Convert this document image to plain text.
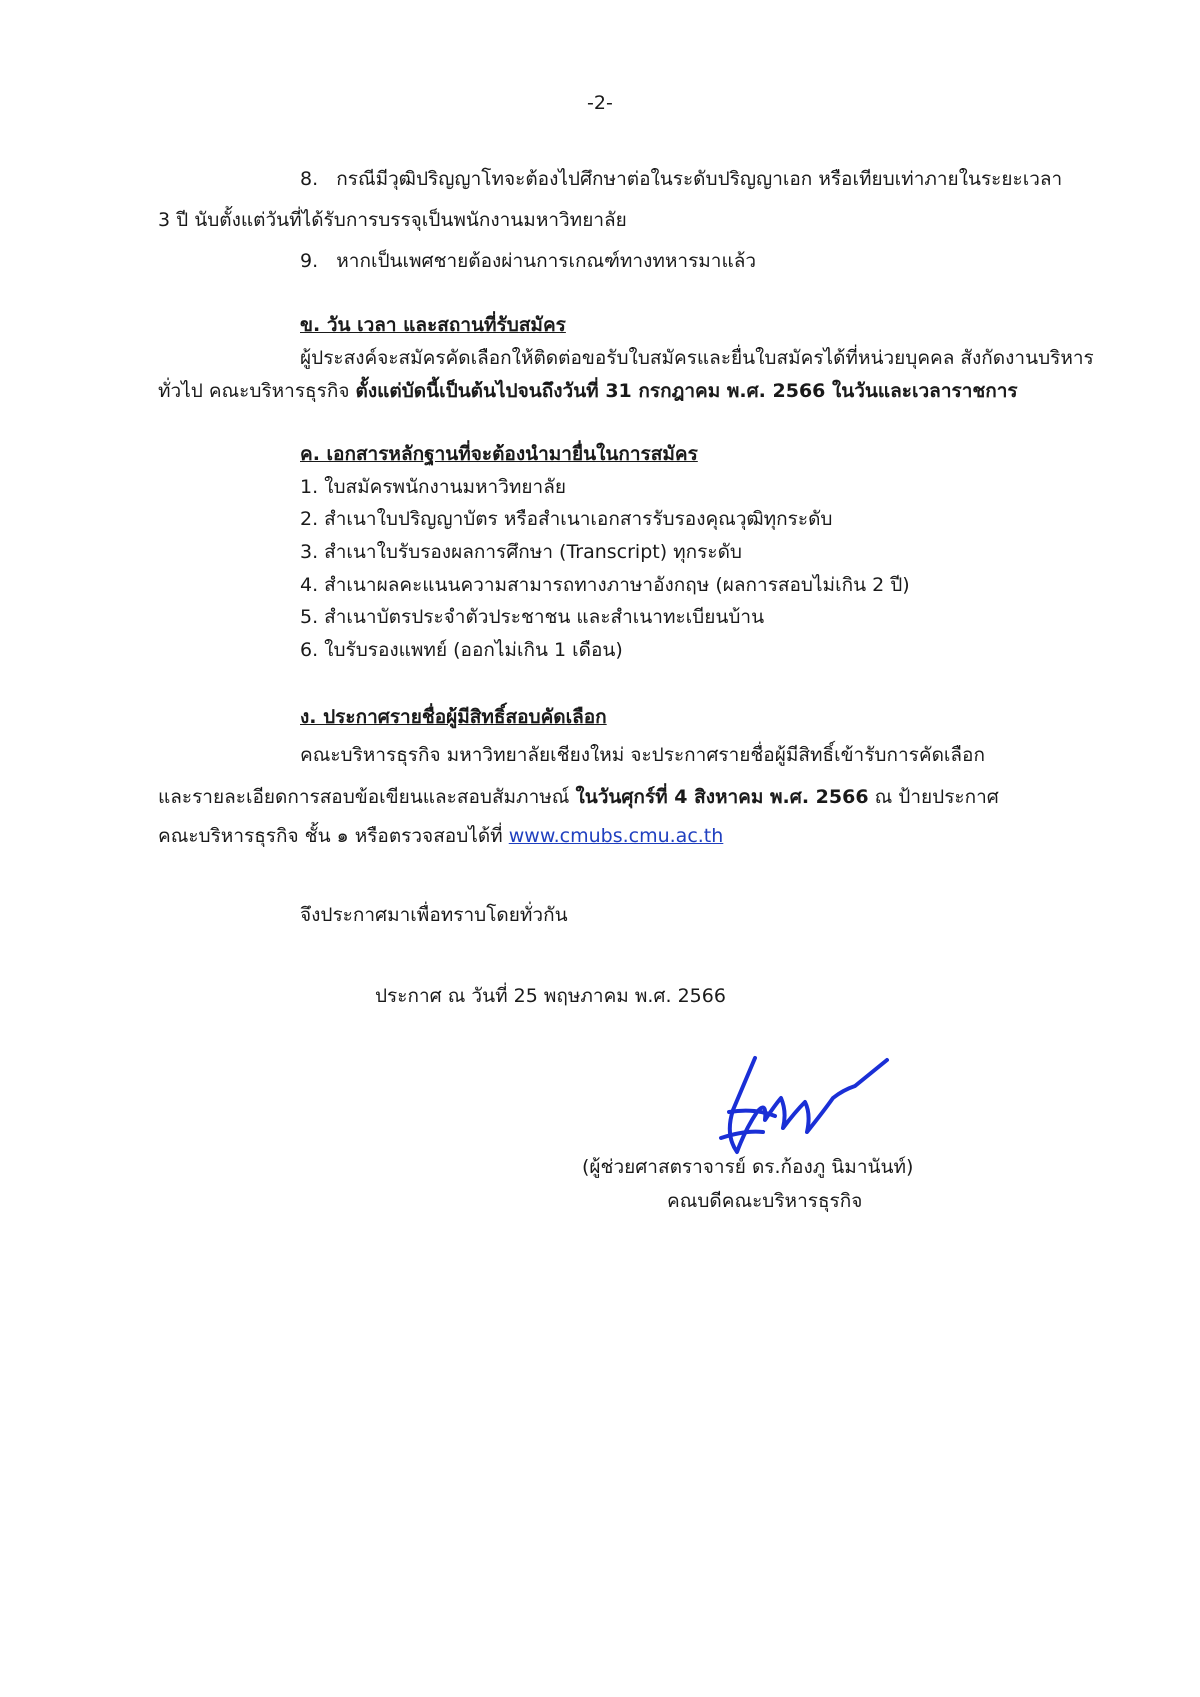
-2-
8. กรณีมีวุฒิปริญญาโทจะต้องไปศึกษาต่อในระดับปริญญาเอก หรือเทียบเท่าภายในระยะเวลา
3 ปี นับตั้งแต่วันที่ได้รับการบรรจุเป็นพนักงานมหาวิทยาลัย
9. หากเป็นเพศชายต้องผ่านการเกณฑ์ทางทหารมาแล้ว
ข. วัน เวลา และสถานที่รับสมัคร
ผู้ประสงค์จะสมัครคัดเลือกให้ติดต่อขอรับใบสมัครและยื่นใบสมัครได้ที่หน่วยบุคคล สังกัดงานบริหาร
ทั่วไป คณะบริหารธุรกิจ ตั้งแต่บัดนี้เป็นต้นไปจนถึงวันที่ 31 กรกฎาคม พ.ศ. 2566 ในวันและเวลาราชการ
ค. เอกสารหลักฐานที่จะต้องนำมายื่นในการสมัคร
1. ใบสมัครพนักงานมหาวิทยาลัย
2. สำเนาใบปริญญาบัตร หรือสำเนาเอกสารรับรองคุณวุฒิทุกระดับ
3. สำเนาใบรับรองผลการศึกษา (Transcript) ทุกระดับ
4. สำเนาผลคะแนนความสามารถทางภาษาอังกฤษ (ผลการสอบไม่เกิน 2 ปี)
5. สำเนาบัตรประจำตัวประชาชน และสำเนาทะเบียนบ้าน
6. ใบรับรองแพทย์ (ออกไม่เกิน 1 เดือน)
ง. ประกาศรายชื่อผู้มีสิทธิ์สอบคัดเลือก
คณะบริหารธุรกิจ มหาวิทยาลัยเชียงใหม่ จะประกาศรายชื่อผู้มีสิทธิ์เข้ารับการคัดเลือก
และรายละเอียดการสอบข้อเขียนและสอบสัมภาษณ์ ในวันศุกร์ที่ 4 สิงหาคม พ.ศ. 2566 ณ ป้ายประกาศ
คณะบริหารธุรกิจ ชั้น ๑ หรือตรวจสอบได้ที่ www.cmubs.cmu.ac.th
จึงประกาศมาเพื่อทราบโดยทั่วกัน
ประกาศ ณ วันที่ 25 พฤษภาคม พ.ศ. 2566
(ผู้ช่วยศาสตราจารย์ ดร.ก้องภู นิมานันท์)
คณบดีคณะบริหารธุรกิจ
